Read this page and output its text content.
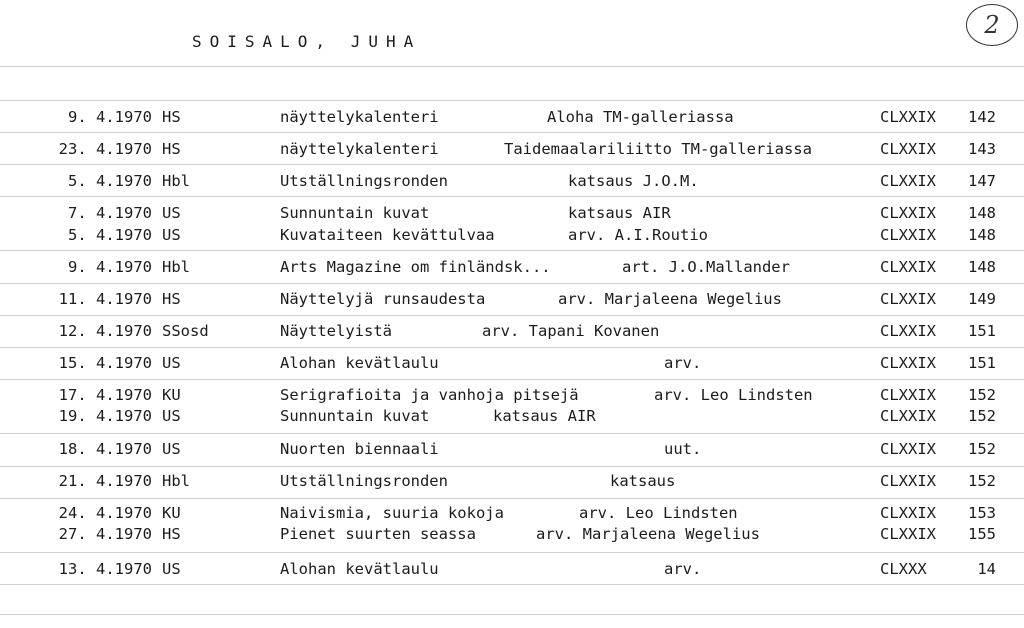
SOISALO, JUHA
2
9. 4.1970 HS	näyttelykalenteri	Aloha TM-galleriassa	CLXXIX	142
23. 4.1970 HS	näyttelykalenteri	Taidemaalariliitto TM-galleriassa	CLXXIX	143
5. 4.1970 Hbl	Utställningsronden	katsaus J.O.M.	CLXXIX	147
7. 4.1970 US	Sunnuntain kuvat	katsaus AIR	CLXXIX	148
5. 4.1970 US	Kuvataiteen kevättulvaa	arv. A.I.Routio	CLXXIX	148
9. 4.1970 Hbl	Arts Magazine om finländsk...	art. J.O.Mallander	CLXXIX	148
11. 4.1970 HS	Näyttelyjä runsaudesta	arv. Marjaleena Wegelius	CLXXIX	149
12. 4.1970 SSosd	Näyttelyistä	arv. Tapani Kovanen	CLXXIX	151
15. 4.1970 US	Alohan kevätlaulu	arv.	CLXXIX	151
17. 4.1970 KU	Serigrafioita ja vanhoja pitsejä	arv. Leo Lindsten	CLXXIX	152
19. 4.1970 US	Sunnuntain kuvat	katsaus AIR	CLXXIX	152
18. 4.1970 US	Nuorten biennaali	uut.	CLXXIX	152
21. 4.1970 Hbl	Utställningsronden	katsaus	CLXXIX	152
24. 4.1970 KU	Naivismia, suuria kokoja	arv. Leo Lindsten	CLXXIX	153
27. 4.1970 HS	Pienet suurten seassa	arv. Marjaleena Wegelius	CLXXIX	155
13. 4.1970 US	Alohan kevätlaulu	arv.	CLXXX	14
